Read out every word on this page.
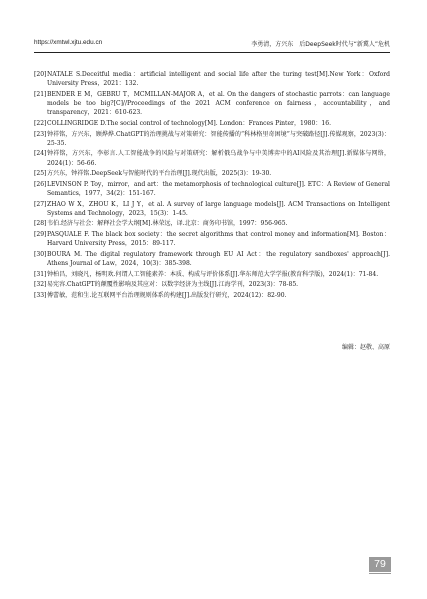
https://xmtwl.xjtu.edu.cn	李勇清，方兴东　后DeepSeek时代与“新冀人”危机
[20] NATALE S.Deceitful media：artificial intelligent and social life after the turing test[M].New York：Oxford University Press，2021：132.
[21] BENDER E M，GEBRU T，MCMILLAN-MAJOR A，et al. On the dangers of stochastic parrots：can language models be too big?[C]//Proceedings of the 2021 ACM conference on fairness，accountability，and transparency，2021：610-623.
[22] COLLINGRIDGE D.The social control of technology[M]. London：Frances Pinter，1980：16.
[23] 钟祥铭，方兴东，顾烨烨.ChatGPT的治理挑战与对策研究：智能传播的“科林格里奇困境”与突破路径[J].传媒观察，2023(3)：25-35.
[24] 钟祥铭，方兴东，李彰言.人工智能战争的风险与对策研究：解析俄乌战争与中美博弈中的AI风险及其治理[J].新媒体与网络，2024(1)：56-66.
[25] 方兴东，钟祥铭.DeepSeek与智能时代的平台治理[J].现代出版，2025(3)：19-30.
[26] LEVINSON P. Toy，mirror，and art：the metamorphosis of technological culture[J]. ETC：A Review of General Semantics，1977，34(2)：151-167.
[27] ZHAO W X，ZHOU K，LI J Y，et al. A survey of large language models[J]. ACM Transactions on Intelligent Systems and Technology，2023，15(3)：1-45.
[28] 韦伯.经济与社会：解释社会学大纲[M].林荣远，译.北京：商务印书馆，1997：956-965.
[29] PASQUALE F. The black box society：the secret algorithms that control money and information[M]. Boston：Harvard University Press，2015：89-117.
[30] BOURA M. The digital regulatory framework through EU AI Act：the regulatory sandboxes' approach[J]. Athens Journal of Law，2024，10(3)：385-398.
[31] 钟柏昌，刘晓凡，杨明欢.何谓人工智能素养：本质、构成与评价体系[J].华东师范大学学报(教育科学版)，2024(1)：71-84.
[32] 易宪容.ChatGPT的颠覆性影响及其应对：以数字经济为主线[J].江海学刊，2023(3)：78-85.
[33] 傅蕾敏，范和生.论互联网平台治理规则体系的构建[J].出版发行研究，2024(12)：82-90.
编辑：赵敬、高原
79
